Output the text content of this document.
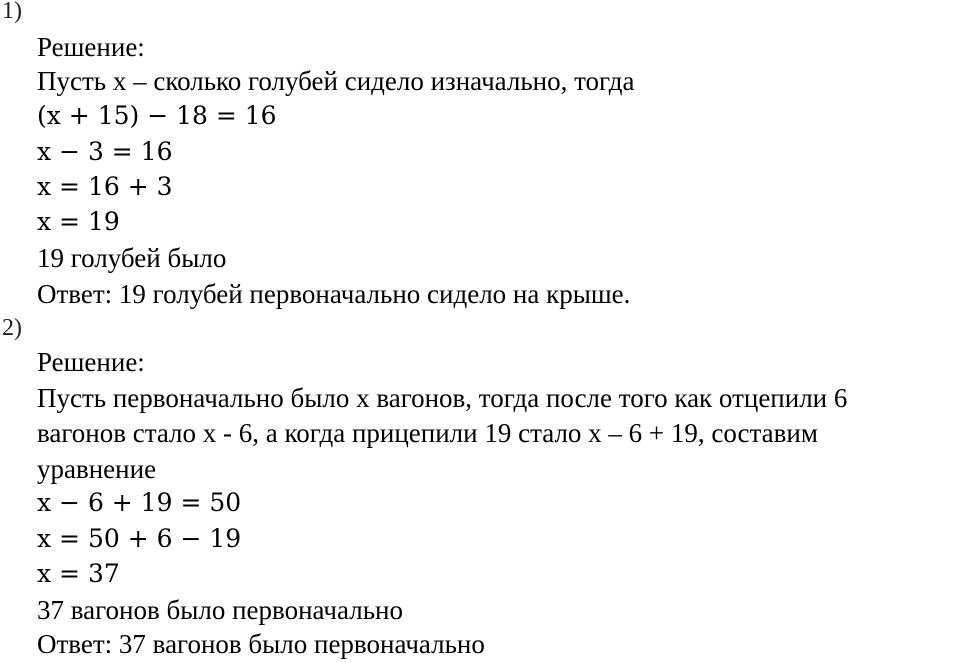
1)
Решение:
Пусть х – сколько голубей сидело изначально, тогда
(x + 15) − 18 = 16
x − 3 = 16
x = 16 + 3
x = 19
19 голубей было
Ответ: 19 голубей первоначально сидело на крыше.
2)
Решение:
Пусть первоначально было х вагонов, тогда после того как отцепили 6
вагонов стало х - 6, а когда прицепили 19 стало х – 6 + 19, составим
уравнение
x − 6 + 19 = 50
x = 50 + 6 − 19
x = 37
37 вагонов было первоначально
Ответ: 37 вагонов было первоначально
